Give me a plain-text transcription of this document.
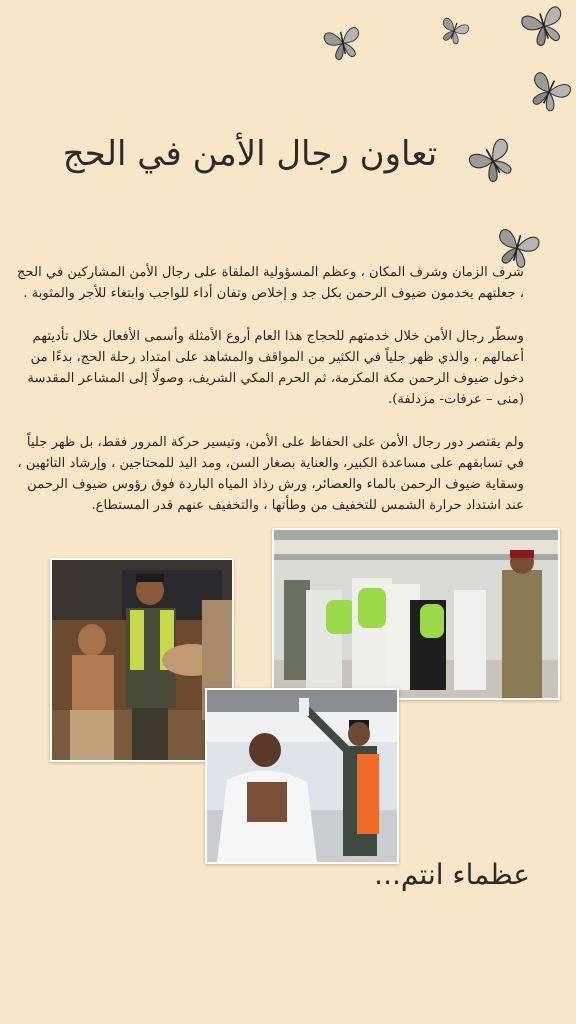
تعاون رجال الأمن في الحج

شرف الزمان وشرف المكان ، وعظم المسؤولية الملقاة على رجال الأمن المشاركين في الحج ، جعلتهم يخدمون ضيوف الرحمن بكل جد و إخلاص وتفان أداء للواجب وابتغاء للأجر والمثوبة .

وسطّر رجال الأمن خلال خدمتهم للحجاج هذا العام أروع الأمثلة وأسمى الأفعال خلال تأديتهم أعمالهم ، والذي ظهر جلياً في الكثير من المواقف والمشاهد على امتداد رحلة الحج، بدءًا من دخول ضيوف الرحمن مكة المكرمة، ثم الحرم المكي الشريف، وصولًا إلى المشاعر المقدسة (منى – عرفات- مزدلفة).

ولم يقتصر دور رجال الأمن على الحفاظ على الأمن، وتيسير حركة المرور فقط، بل ظهر جلياً في تسابقهم على مساعدة الكبير، والعناية بصغار السن، ومد اليد للمحتاجين ، وإرشاد التائهين ، وسقاية ضيوف الرحمن بالماء والعصائر، ورش رذاذ المياه الباردة فوق رؤوس ضيوف الرحمن عند اشتداد حرارة الشمس للتخفيف من وطأتها ، والتخفيف عنهم قدر المستطاع.

عظماء انتم...
